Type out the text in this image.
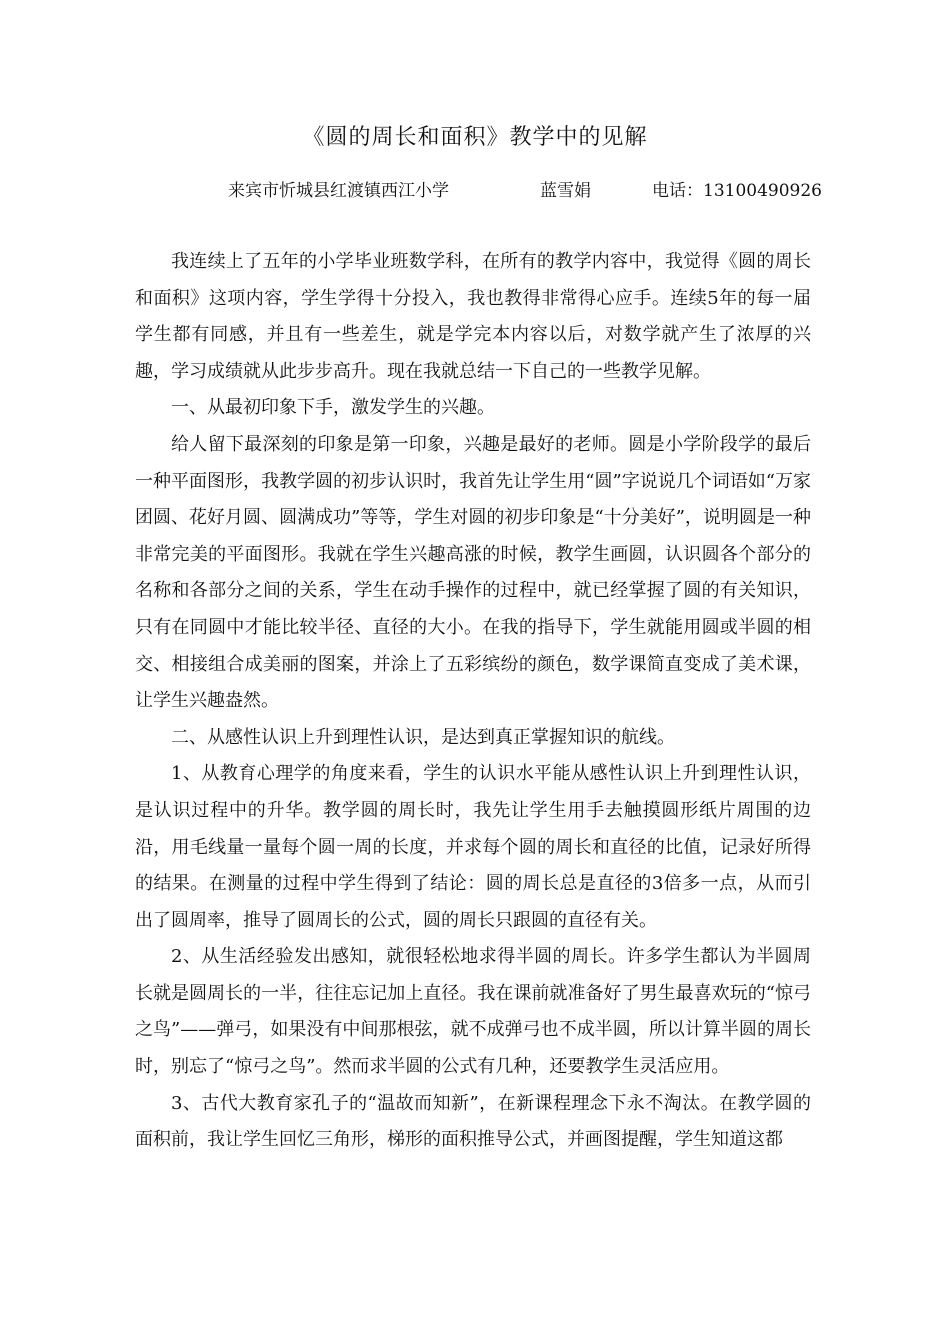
《圆的周长和面积》教学中的见解
来宾市忻城县红渡镇西江小学	蓝雪娟	电话：13100490926

我连续上了五年的小学毕业班数学科，在所有的教学内容中，我觉得《圆的周长和面积》这项内容，学生学得十分投入，我也教得非常得心应手。连续5年的每一届学生都有同感，并且有一些差生，就是学完本内容以后，对数学就产生了浓厚的兴趣，学习成绩就从此步步高升。现在我就总结一下自己的一些教学见解。

一、从最初印象下手，激发学生的兴趣。

给人留下最深刻的印象是第一印象，兴趣是最好的老师。圆是小学阶段学的最后一种平面图形，我教学圆的初步认识时，我首先让学生用“圆”字说说几个词语如“万家团圆、花好月圆、圆满成功”等等，学生对圆的初步印象是“十分美好”，说明圆是一种非常完美的平面图形。我就在学生兴趣高涨的时候，教学生画圆，认识圆各个部分的名称和各部分之间的关系，学生在动手操作的过程中，就已经掌握了圆的有关知识，只有在同圆中才能比较半径、直径的大小。在我的指导下，学生就能用圆或半圆的相交、相接组合成美丽的图案，并涂上了五彩缤纷的颜色，数学课简直变成了美术课，让学生兴趣盎然。

二、从感性认识上升到理性认识，是达到真正掌握知识的航线。

1、从教育心理学的角度来看，学生的认识水平能从感性认识上升到理性认识，是认识过程中的升华。教学圆的周长时，我先让学生用手去触摸圆形纸片周围的边沿，用毛线量一量每个圆一周的长度，并求每个圆的周长和直径的比值，记录好所得的结果。在测量的过程中学生得到了结论：圆的周长总是直径的3倍多一点，从而引出了圆周率，推导了圆周长的公式，圆的周长只跟圆的直径有关。

2、从生活经验发出感知，就很轻松地求得半圆的周长。许多学生都认为半圆周长就是圆周长的一半，往往忘记加上直径。我在课前就准备好了男生最喜欢玩的“惊弓之鸟”——弹弓，如果没有中间那根弦，就不成弹弓也不成半圆，所以计算半圆的周长时，别忘了“惊弓之鸟”。然而求半圆的公式有几种，还要教学生灵活应用。

3、古代大教育家孔子的“温故而知新”，在新课程理念下永不淘汰。在教学圆的面积前，我让学生回忆三角形，梯形的面积推导公式，并画图提醒，学生知道这都
